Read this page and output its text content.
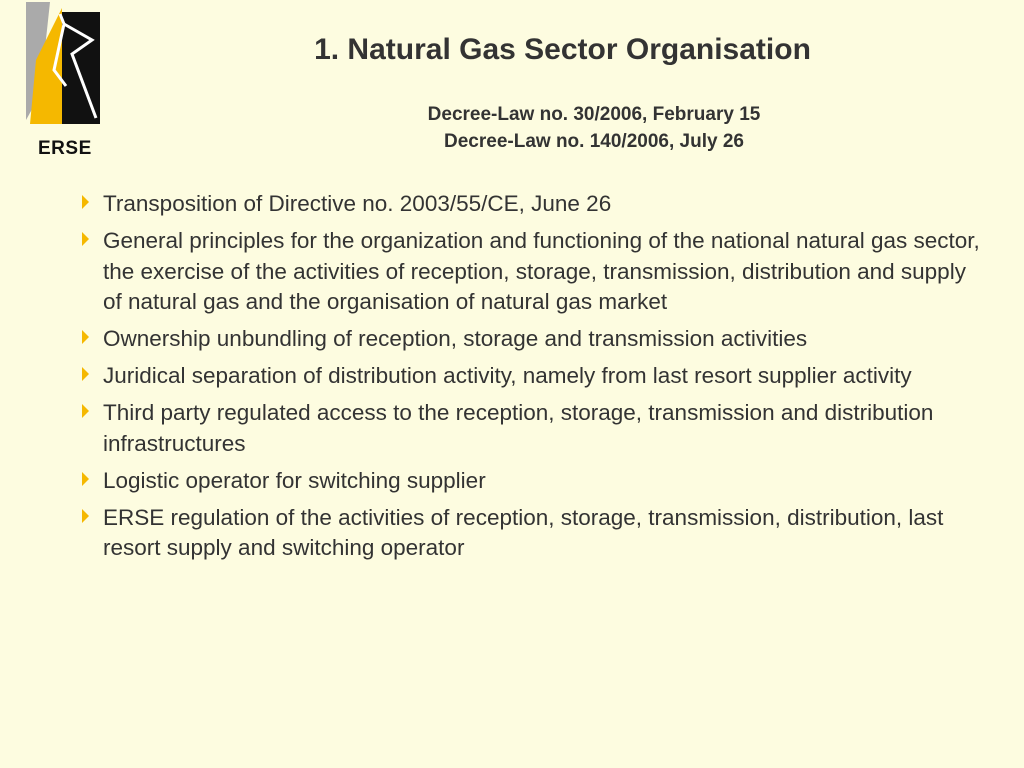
ERSE
1. Natural Gas Sector Organisation
Decree-Law no. 30/2006, February 15
Decree-Law no. 140/2006, July 26
Transposition of Directive no. 2003/55/CE, June 26
General principles for the organization and functioning of the national natural gas sector, the exercise of the activities of reception, storage, transmission, distribution and supply of natural gas and the organisation of natural gas market
Ownership unbundling of reception, storage and transmission activities
Juridical separation of distribution activity, namely from last resort supplier activity
Third party regulated access to the reception, storage, transmission and distribution infrastructures
Logistic operator for switching supplier
ERSE regulation of the activities of reception, storage, transmission, distribution, last resort supply and switching operator
